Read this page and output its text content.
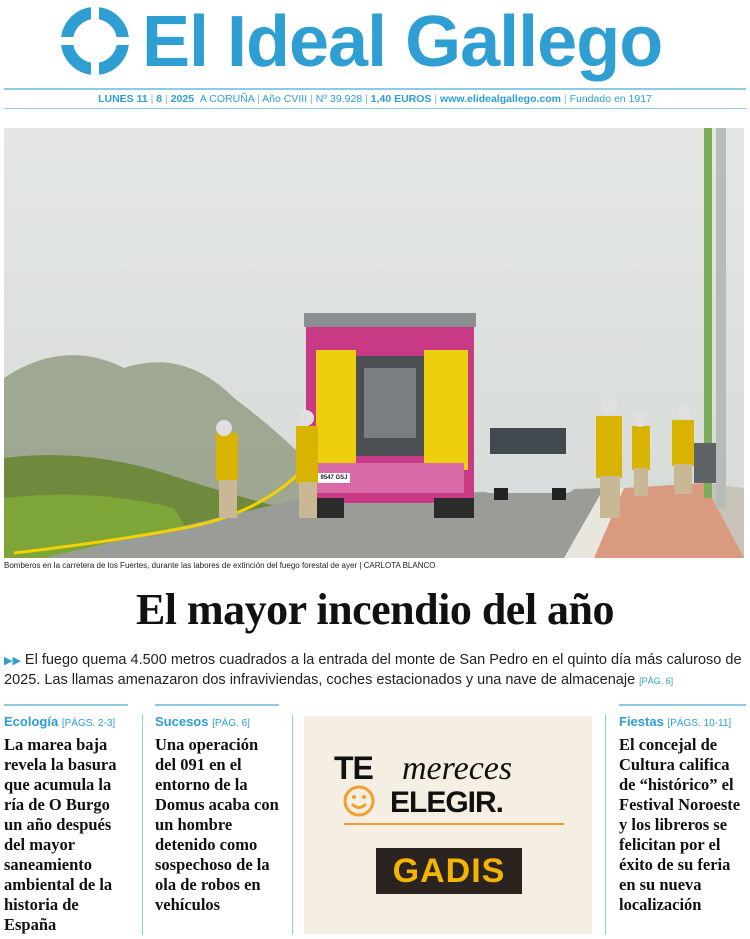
El Ideal Gallego
LUNES 11 | 8 | 2025 A CORUÑA | Año CVIII | Nº 39.928 | 1,40 EUROS | www.elidealgallego.com | Fundado en 1917
9547 GSJ
Bomberos en la carretera de los Fuertes, durante las labores de extinción del fuego forestal de ayer | CARLOTA BLANCO
El mayor incendio del año
▶▶ El fuego quema 4.500 metros cuadrados a la entrada del monte de San Pedro en el quinto día más caluroso de 2025. Las llamas amenazaron dos infraviviendas, coches estacionados y una nave de almacenaje [PÁG. 6]
Ecología [PÁGS. 2-3]
La marea baja revela la basura que acumula la ría de O Burgo un año después del mayor saneamiento ambiental de la historia de España
Sucesos [PÁG. 6]
Una operación del 091 en el entorno de la Domus acaba con un hombre detenido como sospechoso de la ola de robos en vehículos
TE mereces
ELEGIR.
GADIS
Fiestas [PÁGS. 10-11]
El concejal de Cultura califica de “histórico” el Festival Noroeste y los libreros se felicitan por el éxito de su feria en su nueva localización
